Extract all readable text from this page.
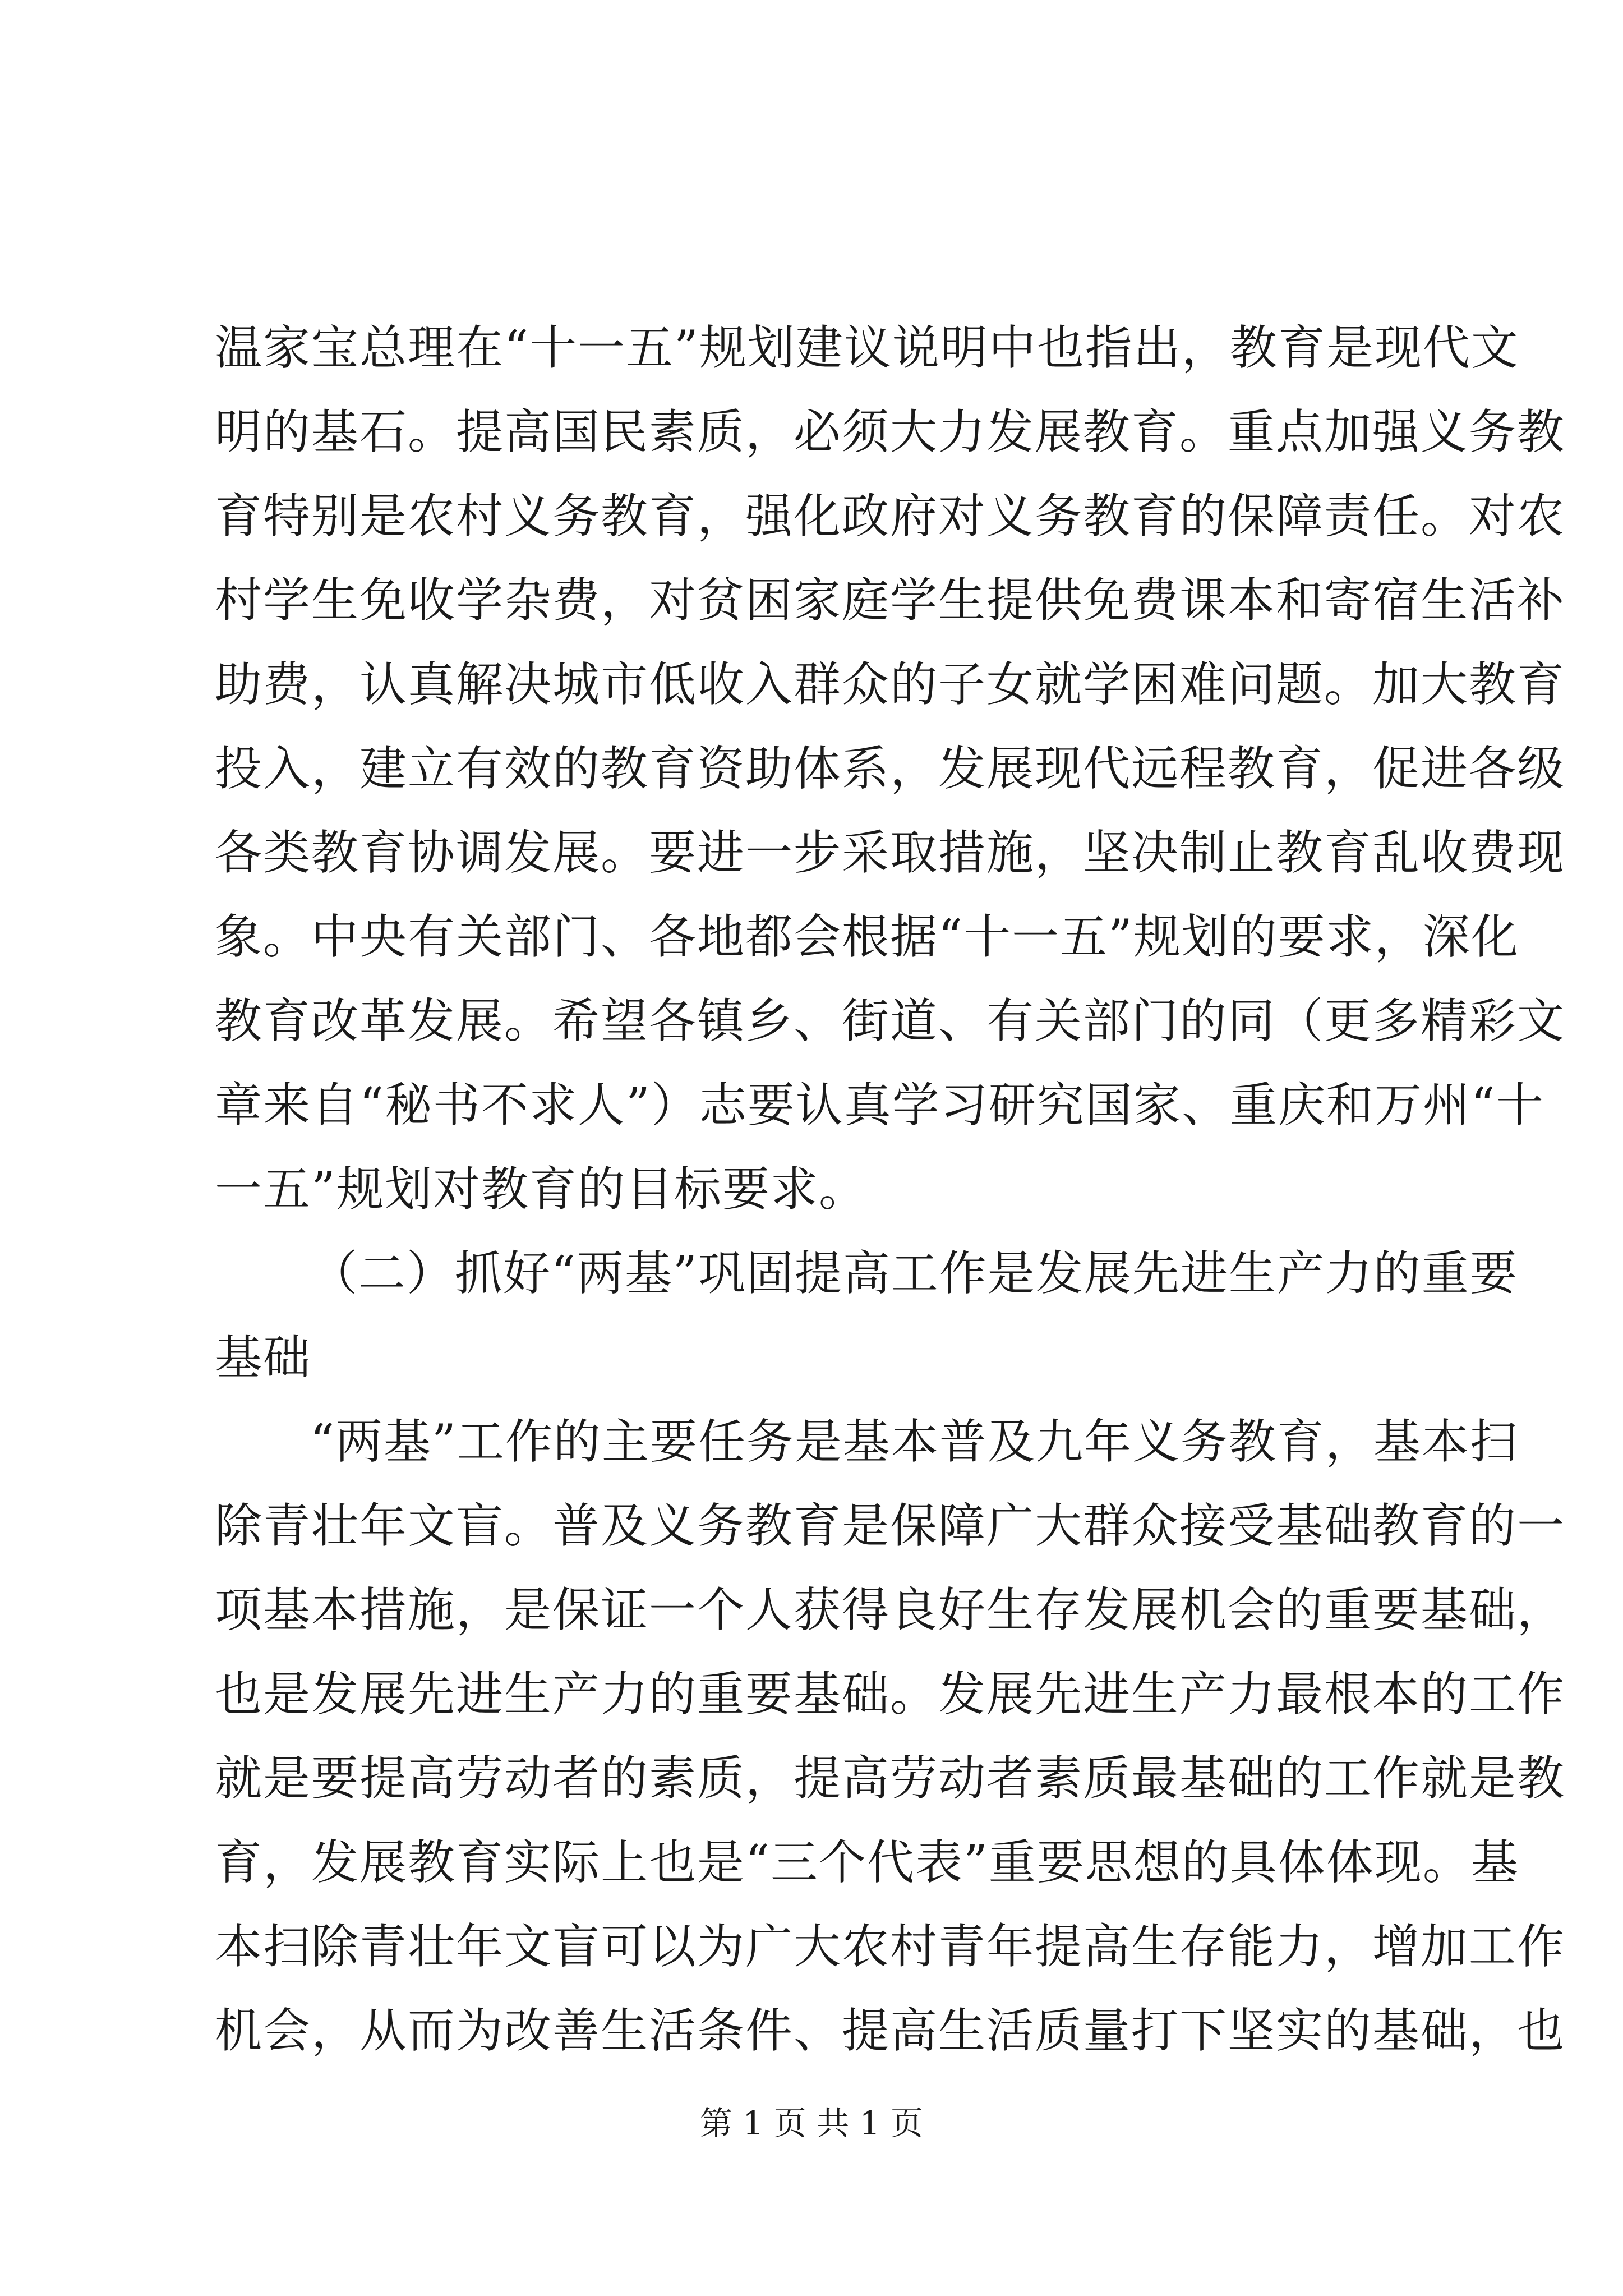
温家宝总理在“十一五”规划建议说明中也指出，教育是现代文
明的基石。提高国民素质，必须大力发展教育。重点加强义务教
育特别是农村义务教育，强化政府对义务教育的保障责任。对农
村学生免收学杂费，对贫困家庭学生提供免费课本和寄宿生活补
助费，认真解决城市低收入群众的子女就学困难问题。加大教育
投入，建立有效的教育资助体系，发展现代远程教育，促进各级
各类教育协调发展。要进一步采取措施，坚决制止教育乱收费现
象。中央有关部门、各地都会根据“十一五”规划的要求，深化
教育改革发展。希望各镇乡、街道、有关部门的同（更多精彩文
章来自“秘书不求人”）志要认真学习研究国家、重庆和万州“十
一五”规划对教育的目标要求。
（二）抓好“两基”巩固提高工作是发展先进生产力的重要
基础
“两基”工作的主要任务是基本普及九年义务教育，基本扫
除青壮年文盲。普及义务教育是保障广大群众接受基础教育的一
项基本措施，是保证一个人获得良好生存发展机会的重要基础，
也是发展先进生产力的重要基础。发展先进生产力最根本的工作
就是要提高劳动者的素质，提高劳动者素质最基础的工作就是教
育，发展教育实际上也是“三个代表”重要思想的具体体现。基
本扫除青壮年文盲可以为广大农村青年提高生存能力，增加工作
机会，从而为改善生活条件、提高生活质量打下坚实的基础，也
第 1 页 共 1 页
